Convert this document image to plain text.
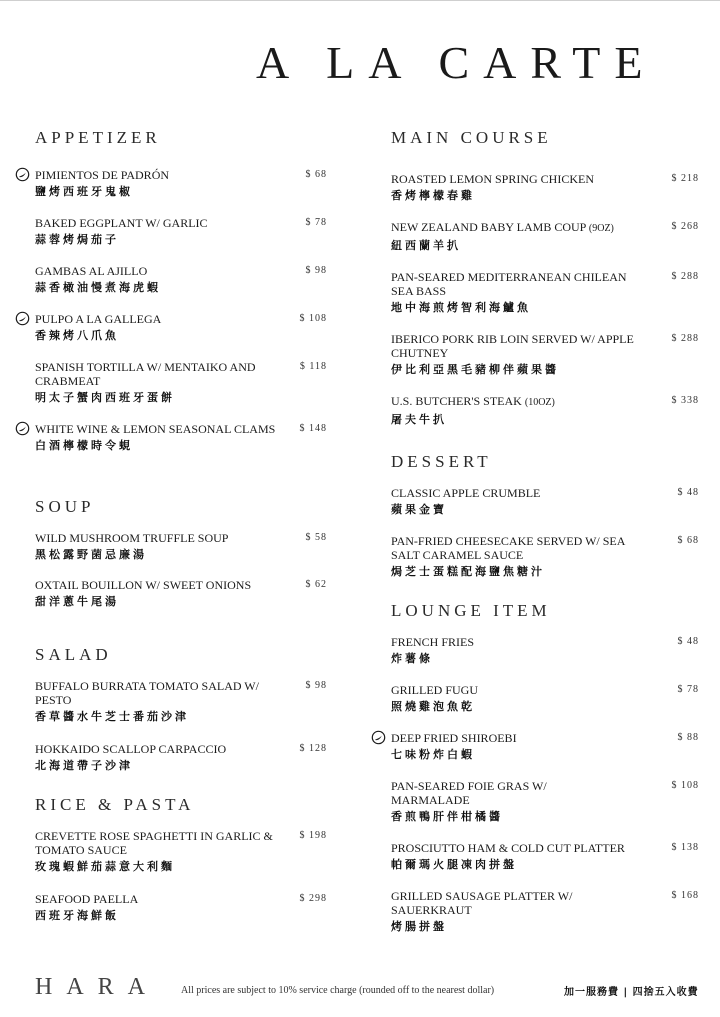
A LA CARTE
APPETIZER
PIMIENTOS DE PADRÓN
鹽烤西班牙鬼椒
$ 68
BAKED EGGPLANT W/ GARLIC
蒜蓉烤焗茄子
$ 78
GAMBAS AL AJILLO
蒜香橄油慢煮海虎蝦
$ 98
PULPO A LA GALLEGA
香辣烤八爪魚
$ 108
SPANISH TORTILLA W/ MENTAIKO AND CRABMEAT
明太子蟹肉西班牙蛋餅
$ 118
WHITE WINE & LEMON SEASONAL CLAMS
白酒檸檬時令蜆
$ 148
SOUP
WILD MUSHROOM TRUFFLE SOUP
黑松露野菌忌廉湯
$ 58
OXTAIL BOUILLON W/ SWEET ONIONS
甜洋蔥牛尾湯
$ 62
SALAD
BUFFALO BURRATA TOMATO SALAD W/ PESTO
香草醬水牛芝士番茄沙津
$ 98
HOKKAIDO SCALLOP CARPACCIO
北海道帶子沙津
$ 128
RICE & PASTA
CREVETTE ROSE SPAGHETTI IN GARLIC & TOMATO SAUCE
玫瑰蝦鮮茄蒜意大利麵
$ 198
SEAFOOD PAELLA
西班牙海鮮飯
$ 298
MAIN COURSE
ROASTED LEMON SPRING CHICKEN
香烤檸檬春雞
$ 218
NEW ZEALAND BABY LAMB COUP (9OZ)
紐西蘭羊扒
$ 268
PAN-SEARED MEDITERRANEAN CHILEAN SEA BASS
地中海煎烤智利海鱸魚
$ 288
IBERICO PORK RIB LOIN SERVED W/ APPLE CHUTNEY
伊比利亞黑毛豬柳伴蘋果醬
$ 288
U.S. BUTCHER'S STEAK (10OZ)
屠夫牛扒
$ 338
DESSERT
CLASSIC APPLE CRUMBLE
蘋果金寶
$ 48
PAN-FRIED CHEESECAKE SERVED W/ SEA SALT CARAMEL SAUCE
焗芝士蛋糕配海鹽焦糖汁
$ 68
LOUNGE ITEM
FRENCH FRIES
炸薯條
$ 48
GRILLED FUGU
照燒雞泡魚乾
$ 78
DEEP FRIED SHIROEBI
七味粉炸白蝦
$ 88
PAN-SEARED FOIE GRAS W/ MARMALADE
香煎鴨肝伴柑橘醬
$ 108
PROSCIUTTO HAM & COLD CUT PLATTER
帕爾瑪火腿凍肉拼盤
$ 138
GRILLED SAUSAGE PLATTER W/ SAUERKRAUT
烤腸拼盤
$ 168
HARA All prices are subject to 10% service charge (rounded off to the nearest dollar)	加一服務費 | 四捨五入收費
